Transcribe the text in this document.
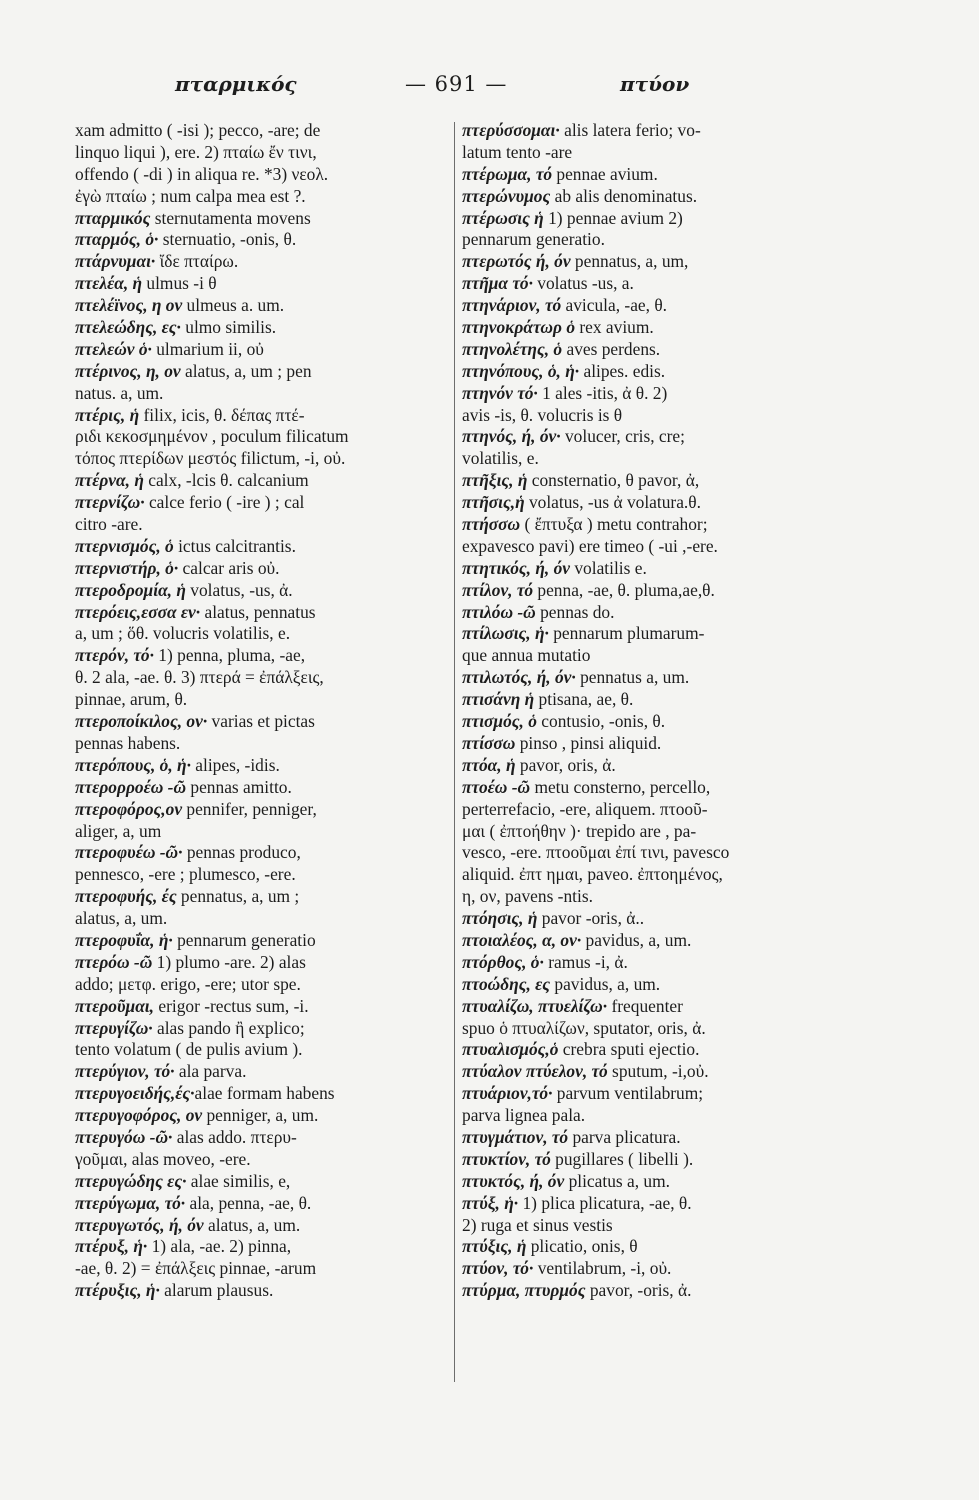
πταρμικός	— 691 —	πτύον
xam admitto ( -isi ); pecco, -are; de
linquo liqui ), ere. 2) πταίω ἔν τινι,
offendo ( -di ) in aliqua re. *3) νεολ.
ἐγὼ πταίω ; num calpa mea est ?.
πταρμικός sternutamenta movens
πταρμός, ὁ· sternuatio, -onis, θ.
πτάρνυμαι· ἴδε πταίρω.
πτελέα, ἡ ulmus -i θ
πτελέϊνος, η ον ulmeus a. um.
πτελεώδης, ες· ulmo similis.
πτελεών ὁ· ulmarium ii, οὐ
πτέρινος, η, ον alatus, a, um ; pen
natus. a, um.
πτέρις, ἡ filix, icis, θ. δέπας πτέ-
ριδι κεκοσμημένον , poculum filicatum
τόπος πτερίδων μεστός filictum, -i, οὐ.
πτέρνα, ἡ calx, -lcis θ. calcanium
πτερνίζω· calce ferio ( -ire ) ; cal
citro -are.
πτερνισμός, ὁ ictus calcitrantis.
πτερνιστήρ, ὁ· calcar aris οὐ.
πτεροδρομία, ἡ volatus, -us, ἀ.
πτερόεις,εσσα εν· alatus, pennatus
a, um ; ὅθ. volucris volatilis, e.
πτερόν, τό· 1) penna, pluma, -ae,
θ. 2 ala, -ae. θ. 3) πτερά = ἐπάλξεις,
pinnae, arum, θ.
πτεροποίκιλος, ον· varias et pictas
pennas habens.
πτερόπους, ὁ, ἡ· alipes, -idis.
πτερορροέω -ῶ pennas amitto.
πτεροφόρος,ον pennifer, penniger,
aliger, a, um
πτεροφυέω -ῶ· pennas produco,
pennesco, -ere ; plumesco, -ere.
πτεροφυής, ές pennatus, a, um ;
alatus, a, um.
πτεροφυΐα, ἡ· pennarum generatio
πτερόω -ῶ 1) plumo -are. 2) alas
addo; μετφ. erigo, -ere; utor spe.
πτεροῦμαι, erigor -rectus sum, -i.
πτερυγίζω· alas pando ἢ explico;
tento volatum ( de pulis avium ).
πτερύγιον, τό· ala parva.
πτερυγοειδής,ές·alae formam habens
πτερυγοφόρος, ον penniger, a, um.
πτερυγόω -ῶ· alas addo. πτερυ-
γοῦμαι, alas moveo, -ere.
πτερυγώδης ες· alae similis, e,
πτερύγωμα, τό· ala, penna, -ae, θ.
πτερυγωτός, ή, όν alatus, a, um.
πτέρυξ, ἡ· 1) ala, -ae. 2) pinna,
-ae, θ. 2) = ἐπάλξεις pinnae, -arum
πτέρυξις, ἡ· alarum plausus.
πτερύσσομαι· alis latera ferio; vo-
latum tento -are
πτέρωμα, τό pennae avium.
πτερώνυμος ab alis denominatus.
πτέρωσις ἡ 1) pennae avium 2)
pennarum generatio.
πτερωτός ή, όν pennatus, a, um,
πτῆμα τό· volatus -us, a.
πτηνάριον, τό avicula, -ae, θ.
πτηνοκράτωρ ὁ rex avium.
πτηνολέτης, ὁ aves perdens.
πτηνόπους, ὁ, ἡ· alipes. edis.
πτηνόν τό· 1 ales -itis, ἀ θ. 2)
avis -is, θ. volucris is θ
πτηνός, ή, όν· volucer, cris, cre;
volatilis, e.
πτῆξις, ἡ consternatio, θ pavor, ἀ,
πτῆσις,ἡ volatus, -us ἀ volatura.θ.
πτήσσω ( ἔπτυξα ) metu contrahor;
expavesco pavi) ere timeo ( -ui ,-ere.
πτητικός, ή, όν volatilis e.
πτίλον, τό penna, -ae, θ. pluma,ae,θ.
πτιλόω -ῶ pennas do.
πτίλωσις, ἡ· pennarum plumarum-
que annua mutatio
πτιλωτός, ή, όν· pennatus a, um.
πτισάνη ἡ ptisana, ae, θ.
πτισμός, ὁ contusio, -onis, θ.
πτίσσω pinso , pinsi aliquid.
πτόα, ἡ pavor, oris, ἀ.
πτοέω -ῶ metu consterno, percello,
perterrefacio, -ere, aliquem. πτοοῦ-
μαι ( ἐπτοήθην )· trepido are , pa-
vesco, -ere. πτοοῦμαι ἐπί τινι, pavesco
aliquid. ἐπτ ημαι, paveo. ἐπτοημένος,
η, ον, pavens -ntis.
πτόησις, ἡ pavor -oris, ἀ..
πτοιαλέος, α, ον· pavidus, a, um.
πτόρθος, ὁ· ramus -i, ἀ.
πτοώδης, ες pavidus, a, um.
πτυαλίζω, πτυελίζω· frequenter
spuo ὁ πτυαλίζων, sputator, oris, ἀ.
πτυαλισμός,ὁ crebra sputi ejectio.
πτύαλον πτύελον, τό sputum, -i,οὐ.
πτυάριον,τό· parvum ventilabrum;
parva lignea pala.
πτυγμάτιον, τό parva plicatura.
πτυκτίον, τό pugillares ( libelli ).
πτυκτός, ή, όν plicatus a, um.
πτύξ, ἡ· 1) plica plicatura, -ae, θ.
2) ruga et sinus vestis
πτύξις, ἡ plicatio, onis, θ
πτύον, τό· ventilabrum, -i, οὐ.
πτύρμα, πτυρμός pavor, -oris, ἀ.
